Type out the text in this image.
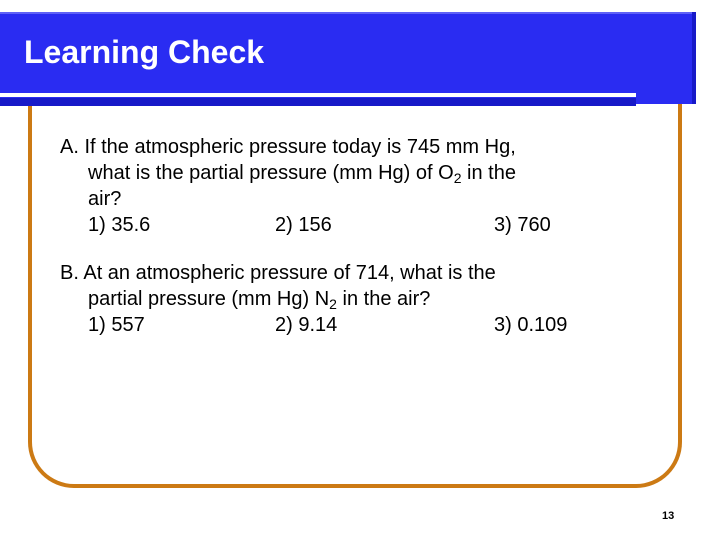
Learning Check
A. If the atmospheric pressure today is 745 mm Hg,
what is the partial pressure (mm Hg) of $O_2$ in the
air?
1) 35.6	2) 156	3) 760
B. At an atmospheric pressure of 714, what is the
partial pressure (mm Hg) $N_2$ in the air?
1) 557	2) 9.14	3) 0.109
13
